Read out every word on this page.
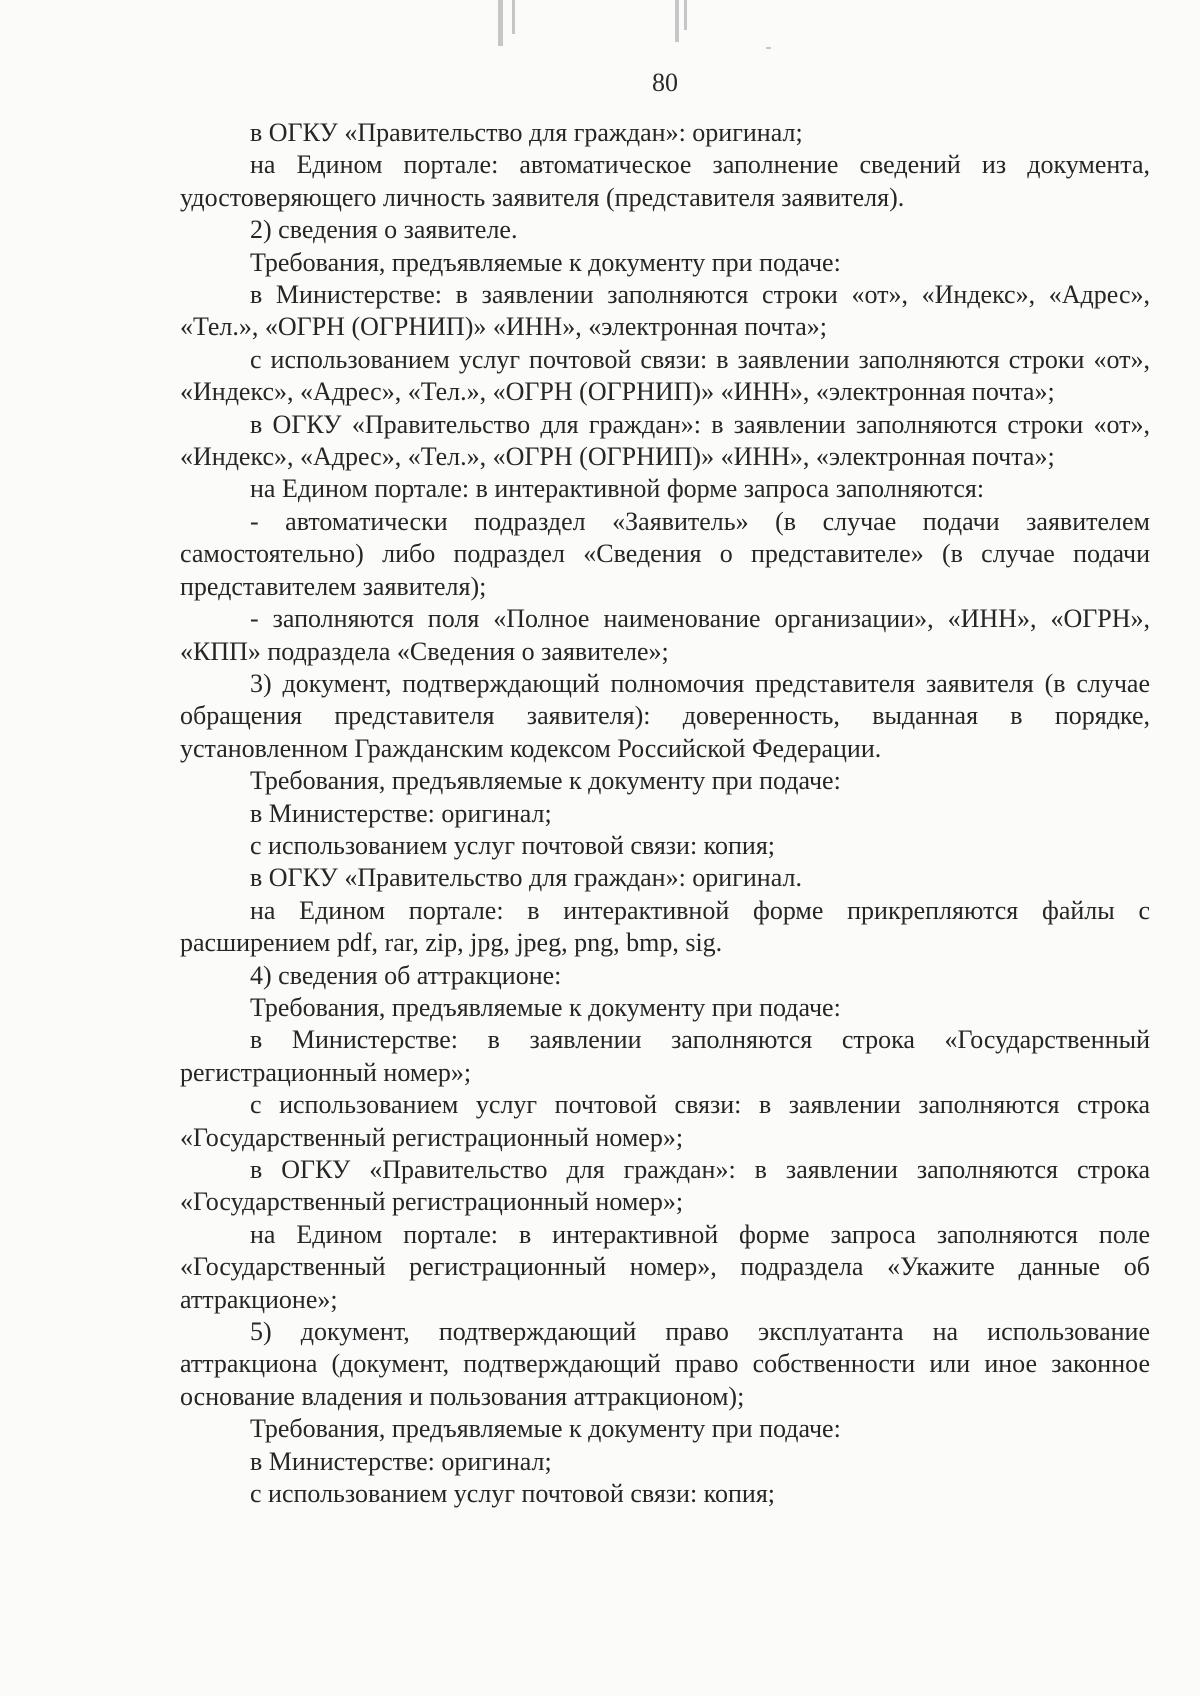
80

в ОГКУ «Правительство для граждан»: оригинал;

на Едином портале: автоматическое заполнение сведений из документа, удостоверяющего личность заявителя (представителя заявителя).

2) сведения о заявителе.

Требования, предъявляемые к документу при подаче:

в Министерстве: в заявлении заполняются строки «от», «Индекс», «Адрес», «Тел.», «ОГРН (ОГРНИП)» «ИНН», «электронная почта»;

с использованием услуг почтовой связи: в заявлении заполняются строки «от», «Индекс», «Адрес», «Тел.», «ОГРН (ОГРНИП)» «ИНН», «электронная почта»;

в ОГКУ «Правительство для граждан»: в заявлении заполняются строки «от», «Индекс», «Адрес», «Тел.», «ОГРН (ОГРНИП)» «ИНН», «электронная почта»;

на Едином портале: в интерактивной форме запроса заполняются:

- автоматически подраздел «Заявитель» (в случае подачи заявителем самостоятельно) либо подраздел «Сведения о представителе» (в случае подачи представителем заявителя);

- заполняются поля «Полное наименование организации», «ИНН», «ОГРН», «КПП» подраздела «Сведения о заявителе»;

3) документ, подтверждающий полномочия представителя заявителя (в случае обращения представителя заявителя): доверенность, выданная в порядке, установленном Гражданским кодексом Российской Федерации.

Требования, предъявляемые к документу при подаче:

в Министерстве: оригинал;

с использованием услуг почтовой связи: копия;

в ОГКУ «Правительство для граждан»: оригинал.

на Едином портале: в интерактивной форме прикрепляются файлы с расширением pdf, rar, zip, jpg, jpeg, png, bmp, sig.

4) сведения об аттракционе:

Требования, предъявляемые к документу при подаче:

в Министерстве: в заявлении заполняются строка «Государственный регистрационный номер»;

с использованием услуг почтовой связи: в заявлении заполняются строка «Государственный регистрационный номер»;

в ОГКУ «Правительство для граждан»: в заявлении заполняются строка «Государственный регистрационный номер»;

на Едином портале: в интерактивной форме запроса заполняются поле «Государственный регистрационный номер», подраздела «Укажите данные об аттракционе»;

5) документ, подтверждающий право эксплуатанта на использование аттракциона (документ, подтверждающий право собственности или иное законное основание владения и пользования аттракционом);

Требования, предъявляемые к документу при подаче:

в Министерстве: оригинал;

с использованием услуг почтовой связи: копия;
